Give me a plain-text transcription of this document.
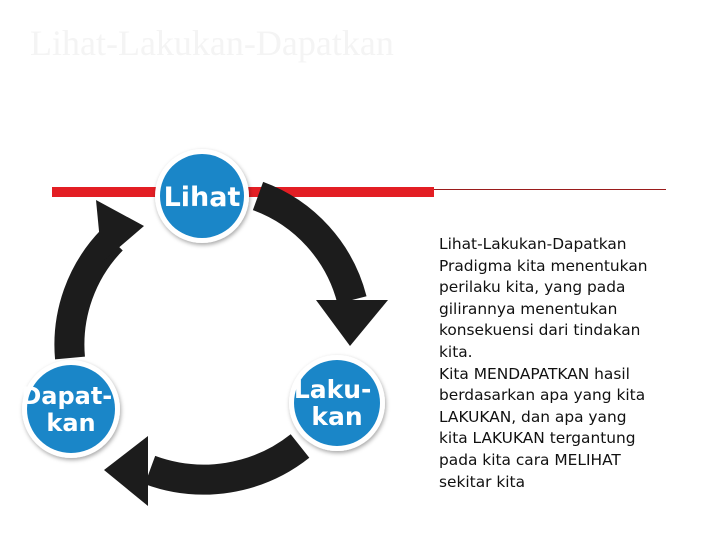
Lihat-Lakukan-Dapatkan
Lihat
Laku- kan
Dapat- kan
Lihat-Lakukan-Dapatkan
Pradigma kita menentukan
perilaku kita, yang pada
gilirannya menentukan
konsekuensi dari tindakan
kita.
Kita MENDAPATKAN hasil
berdasarkan apa yang kita
LAKUKAN, dan apa yang
kita LAKUKAN tergantung
pada kita cara MELIHAT
sekitar kita
